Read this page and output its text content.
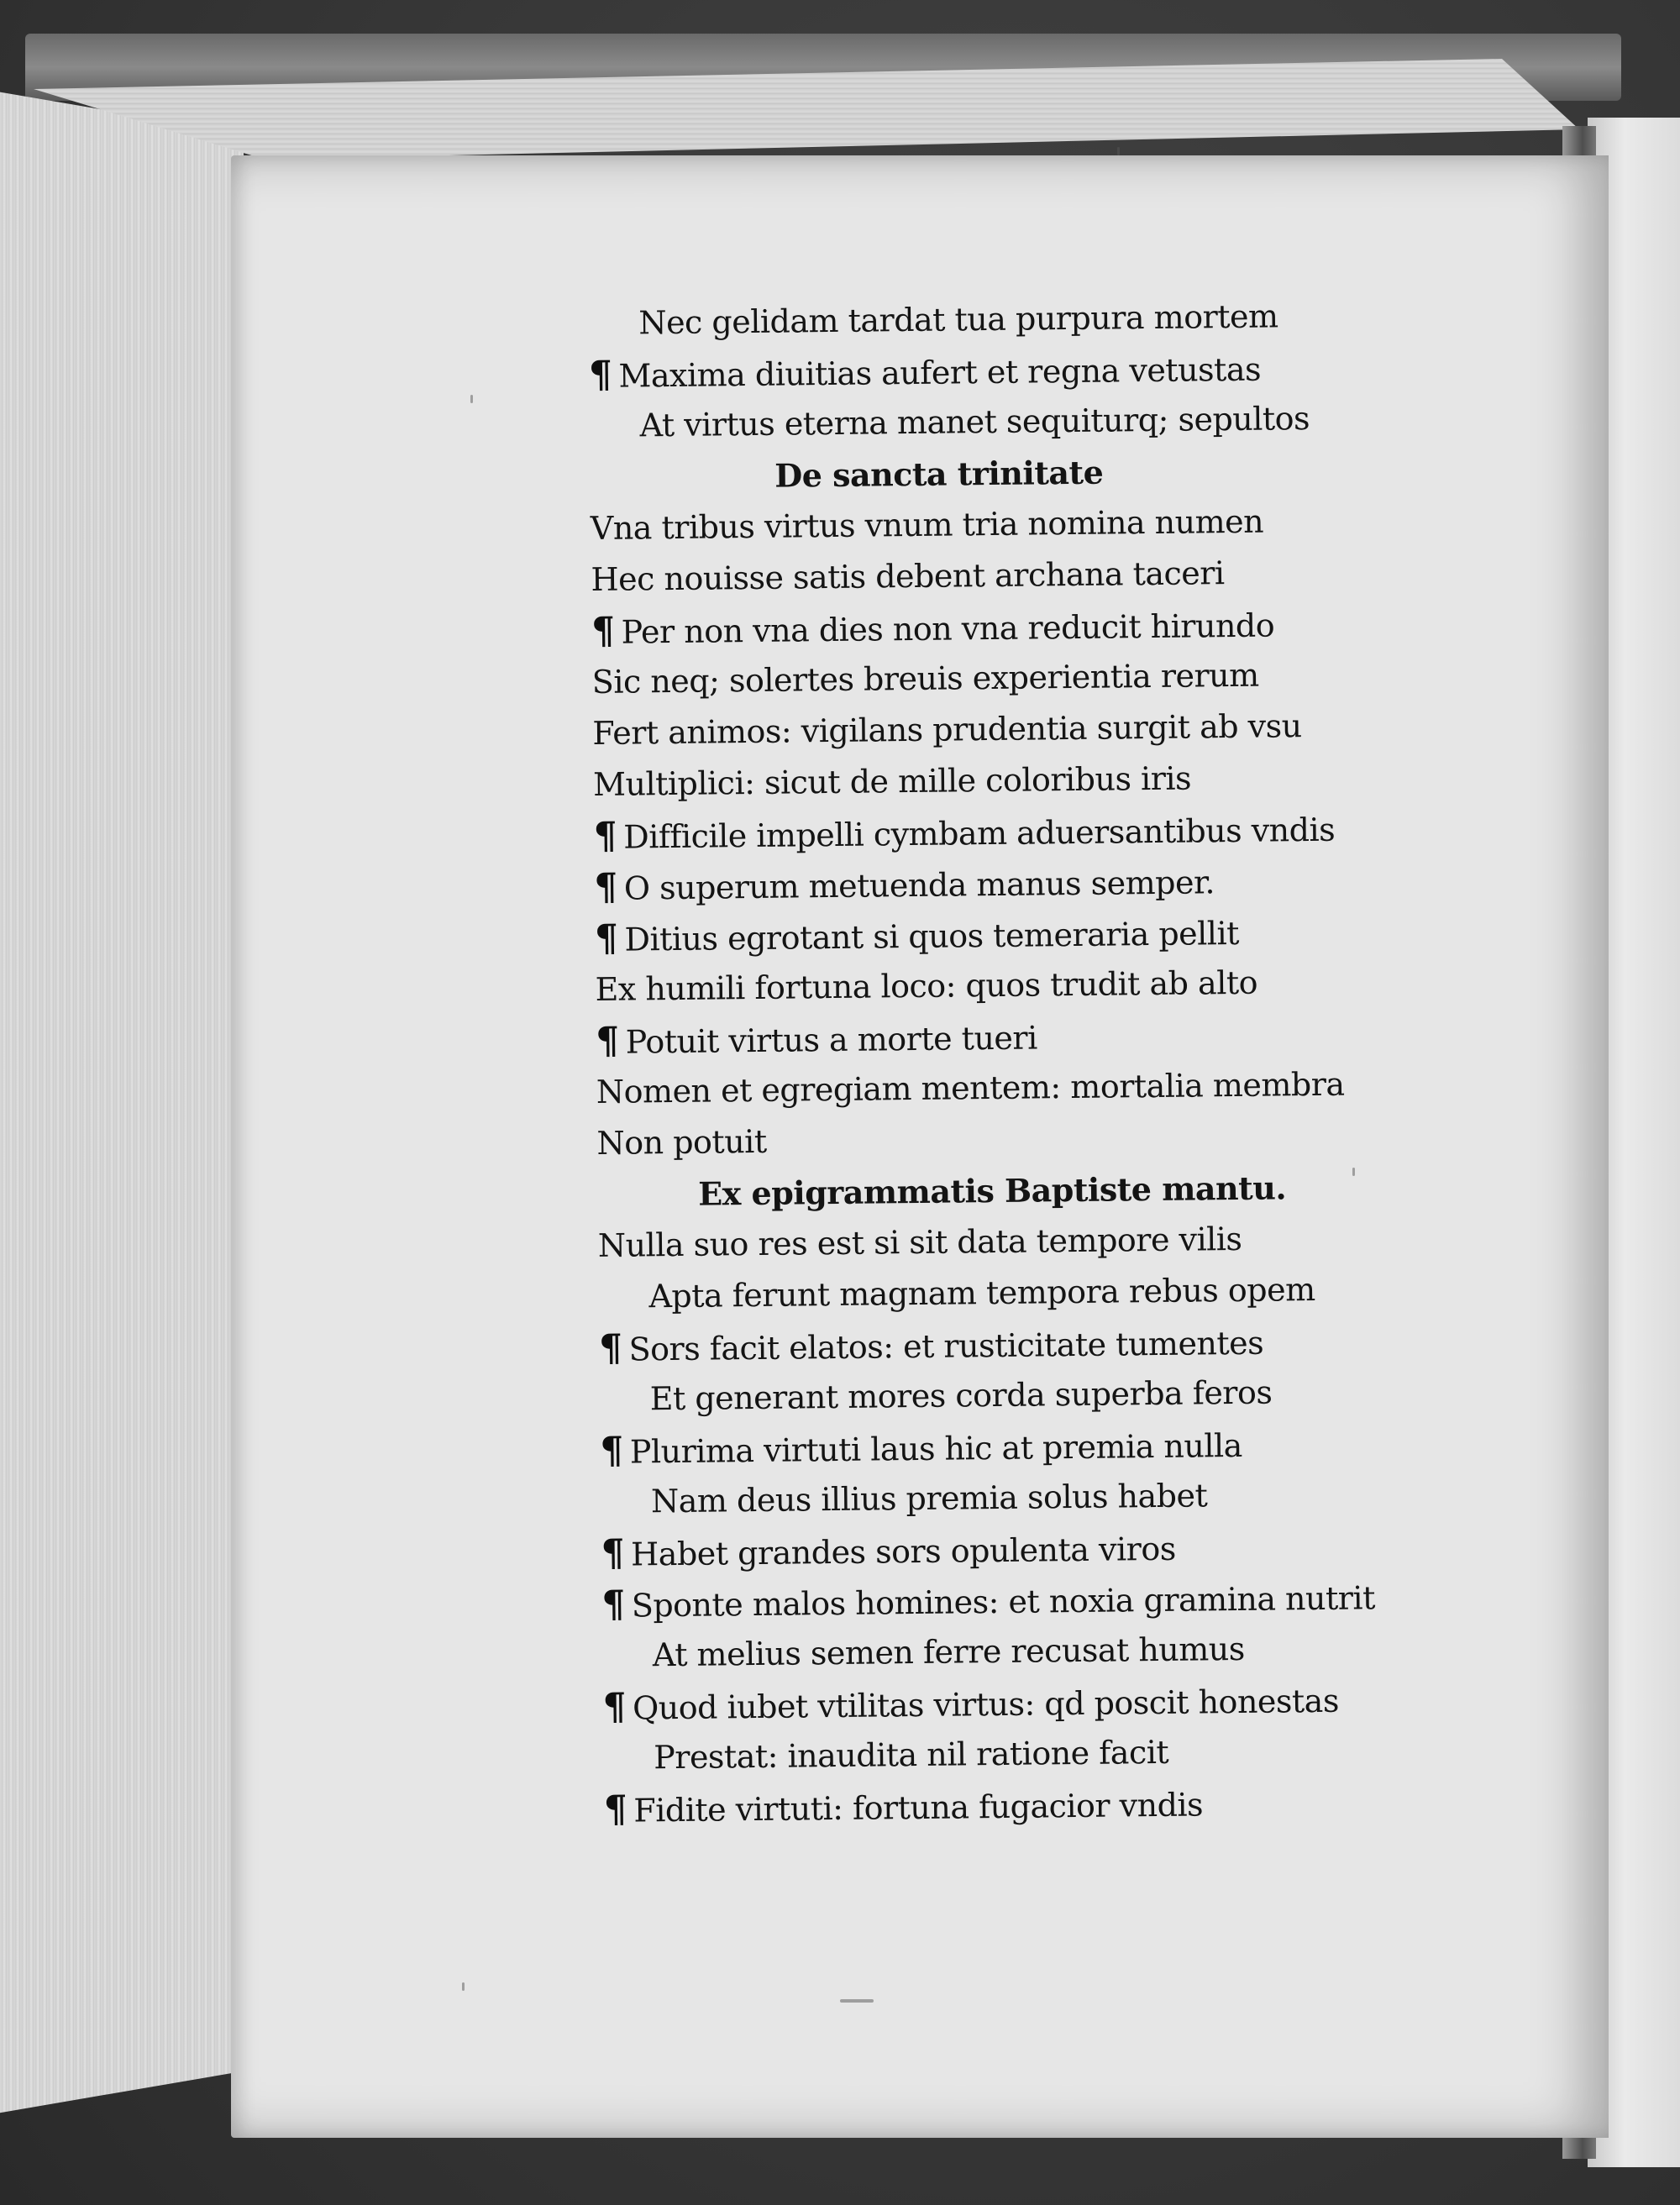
Nec gelidam tardat tua purpura mortem
¶ Maxima diuitias aufert et regna vetustas
At virtus eterna manet sequiturq; sepultos
De sancta trinitate
Vna tribus virtus vnum tria nomina numen
Hec nouisse satis debent archana taceri
¶ Per non vna dies non vna reducit hirundo
Sic neq; solertes breuis experientia rerum
Fert animos: vigilans prudentia surgit ab vsu
Multiplici: sicut de mille coloribus iris
¶ Difficile impelli cymbam aduersantibus vndis
¶ O superum metuenda manus semper.
¶ Ditius egrotant si quos temeraria pellit
Ex humili fortuna loco: quos trudit ab alto
¶ Potuit virtus a morte tueri
Nomen et egregiam mentem: mortalia membra
Non potuit
Ex epigrammatis Baptiste mantu.
Nulla suo res est si sit data tempore vilis
Apta ferunt magnam tempora rebus opem
¶ Sors facit elatos: et rusticitate tumentes
Et generant mores corda superba feros
¶ Plurima virtuti laus hic at premia nulla
Nam deus illius premia solus habet
¶ Habet grandes sors opulenta viros
¶ Sponte malos homines: et noxia gramina nutrit
At melius semen ferre recusat humus
¶ Quod iubet vtilitas virtus: qd poscit honestas
Prestat: inaudita nil ratione facit
¶ Fidite virtuti: fortuna fugacior vndis
